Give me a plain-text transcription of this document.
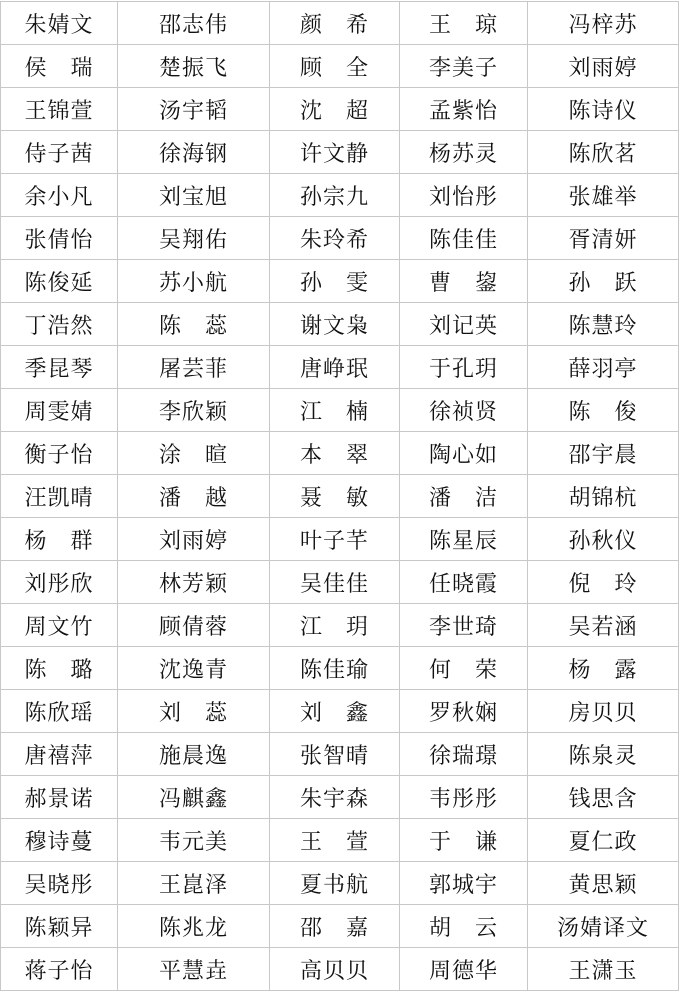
朱婧文	邵志伟	颜　希	王　琼	冯梓苏
侯　瑞	楚振飞	顾　全	李美子	刘雨婷
王锦萱	汤宇韬	沈　超	孟紫怡	陈诗仪
侍子茜	徐海钢	许文静	杨苏灵	陈欣茗
余小凡	刘宝旭	孙宗九	刘怡彤	张雄举
张倩怡	吴翔佑	朱玲希	陈佳佳	胥清妍
陈俊延	苏小航	孙　雯	曹　鋆	孙　跃
丁浩然	陈　蕊	谢文枭	刘记英	陈慧玲
季昆琴	屠芸菲	唐峥珉	于孔玥	薛羽亭
周雯婧	李欣颖	江　楠	徐祯贤	陈　俊
衡子怡	涂　暄	本　翠	陶心如	邵宇晨
汪凯晴	潘　越	聂　敏	潘　洁	胡锦杭
杨　群	刘雨婷	叶子芊	陈星辰	孙秋仪
刘彤欣	林芳颖	吴佳佳	任晓霞	倪　玲
周文竹	顾倩蓉	江　玥	李世琦	吴若涵
陈　璐	沈逸青	陈佳瑜	何　荣	杨　露
陈欣瑶	刘　蕊	刘　鑫	罗秋娴	房贝贝
唐禧萍	施晨逸	张智晴	徐瑞璟	陈泉灵
郝景诺	冯麒鑫	朱宇森	韦彤彤	钱思含
穆诗蔓	韦元美	王　萱	于　谦	夏仁政
吴晓彤	王崑泽	夏书航	郭城宇	黄思颖
陈颖异	陈兆龙	邵　嘉	胡　云	汤婧译文
蒋子怡	平慧垚	高贝贝	周德华	王潇玉
